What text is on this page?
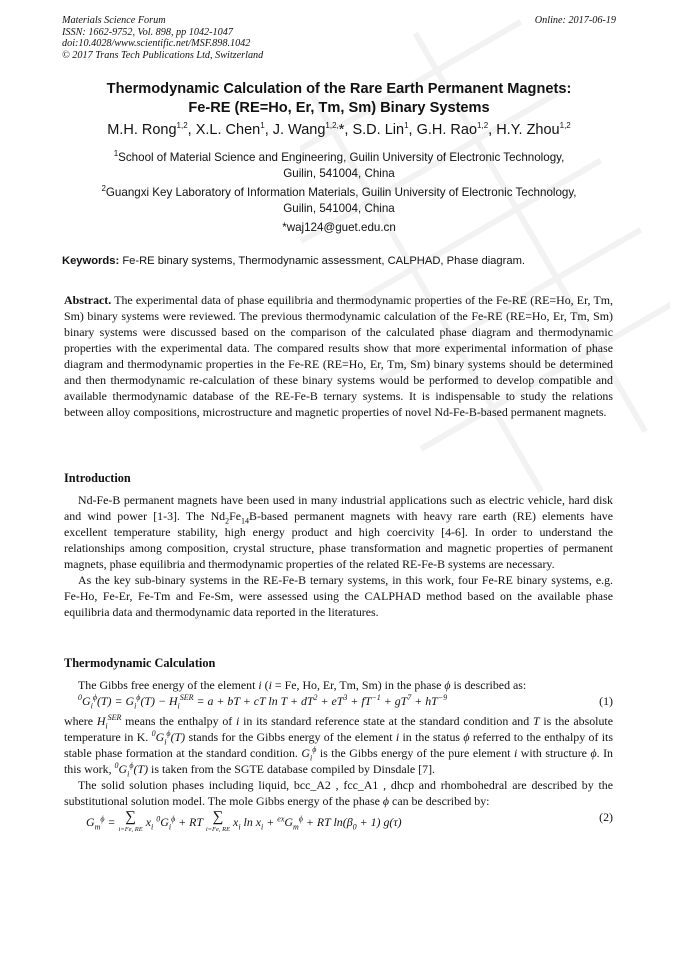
Materials Science Forum
ISSN: 1662-9752, Vol. 898, pp 1042-1047
doi:10.4028/www.scientific.net/MSF.898.1042
© 2017 Trans Tech Publications Ltd, Switzerland
Online: 2017-06-19
Thermodynamic Calculation of the Rare Earth Permanent Magnets:
Fe-RE (RE=Ho, Er, Tm, Sm) Binary Systems
M.H. Rong$^{1,2}$, X.L. Chen$^1$, J. Wang$^{1,2,}$*, S.D. Lin$^1$, G.H. Rao$^{1,2}$, H.Y. Zhou$^{1,2}$
$^1$School of Material Science and Engineering, Guilin University of Electronic Technology,
Guilin, 541004, China
$^2$Guangxi Key Laboratory of Information Materials, Guilin University of Electronic Technology,
Guilin, 541004, China
*waj124@guet.edu.cn
Keywords: Fe-RE binary systems, Thermodynamic assessment, CALPHAD, Phase diagram.
Abstract. The experimental data of phase equilibria and thermodynamic properties of the Fe-RE (RE=Ho, Er, Tm, Sm) binary systems were reviewed. The previous thermodynamic calculation of the Fe-RE (RE=Ho, Er, Tm, Sm) binary systems were discussed based on the comparison of the calculated phase diagram and thermodynamic properties with the experimental data. The compared results show that more experimental information of phase diagram and thermodynamic properties in the Fe-RE (RE=Ho, Er, Tm, Sm) binary systems should be determined and then thermodynamic re-calculation of these binary systems would be performed to develop compatible and available thermodynamic database of the RE-Fe-B ternary systems. It is indispensable to study the relations between alloy compositions, microstructure and magnetic properties of novel Nd-Fe-B-based permanent magnets.
Introduction

Nd-Fe-B permanent magnets have been used in many industrial applications such as electric vehicle, hard disk and wind power [1-3]. The $Nd_2Fe_{14}B$-based permanent magnets with heavy rare earth (RE) elements have excellent temperature stability, high energy product and high coercivity [4-6]. In order to understand the relationships among composition, crystal structure, phase transformation and magnetic properties of permanent magnets, phase equilibria and thermodynamic properties of the related RE-Fe-B systems are necessary.

As the key sub-binary systems in the RE-Fe-B ternary systems, in this work, four Fe-RE binary systems, e.g. Fe-Ho, Fe-Er, Fe-Tm and Fe-Sm, were assessed using the CALPHAD method based on the available phase equilibria data and thermodynamic data reported in the literatures.

Thermodynamic Calculation

The Gibbs free energy of the element i (i = Fe, Ho, Er, Tm, Sm) in the phase ϕ is described as:

$^0G_i^\phi(T) = G_i^\phi(T) - H_i^{SER} = a$ + bT + cT $\ln T + dT^2 + eT^3 + fT^{-1} + gT^7 + hT^{-9}$	(1)

where $H_i^{SER}$ means the enthalpy of i in its standard reference state at the standard condition and T is the absolute temperature in K. $^0G_i^\phi(T)$ stands for the Gibbs energy of the element i in the status ϕ referred to the enthalpy of its stable phase formation at the standard condition. $G_i^\phi$ is the Gibbs energy of the pure element i with structure ϕ. In this work, $^0G_i^\phi(T)$ is taken from the SGTE database compiled by Dinsdale [7].

The solid solution phases including liquid, bcc_A2 , fcc_A1 , dhcp and rhombohedral are described by the substitutional solution model. The mole Gibbs energy of the phase ϕ can be described by:

$G_m^\phi$ = ∑
i=Fe, RE $x_i$ $^0G_i^\phi$ + RT ∑
i=Fe, RE $x_i$ $\ln x_i + ^{ex}G_m^\phi$ + RT $\ln(\beta_0 + 1)$ g(τ)	(2)
